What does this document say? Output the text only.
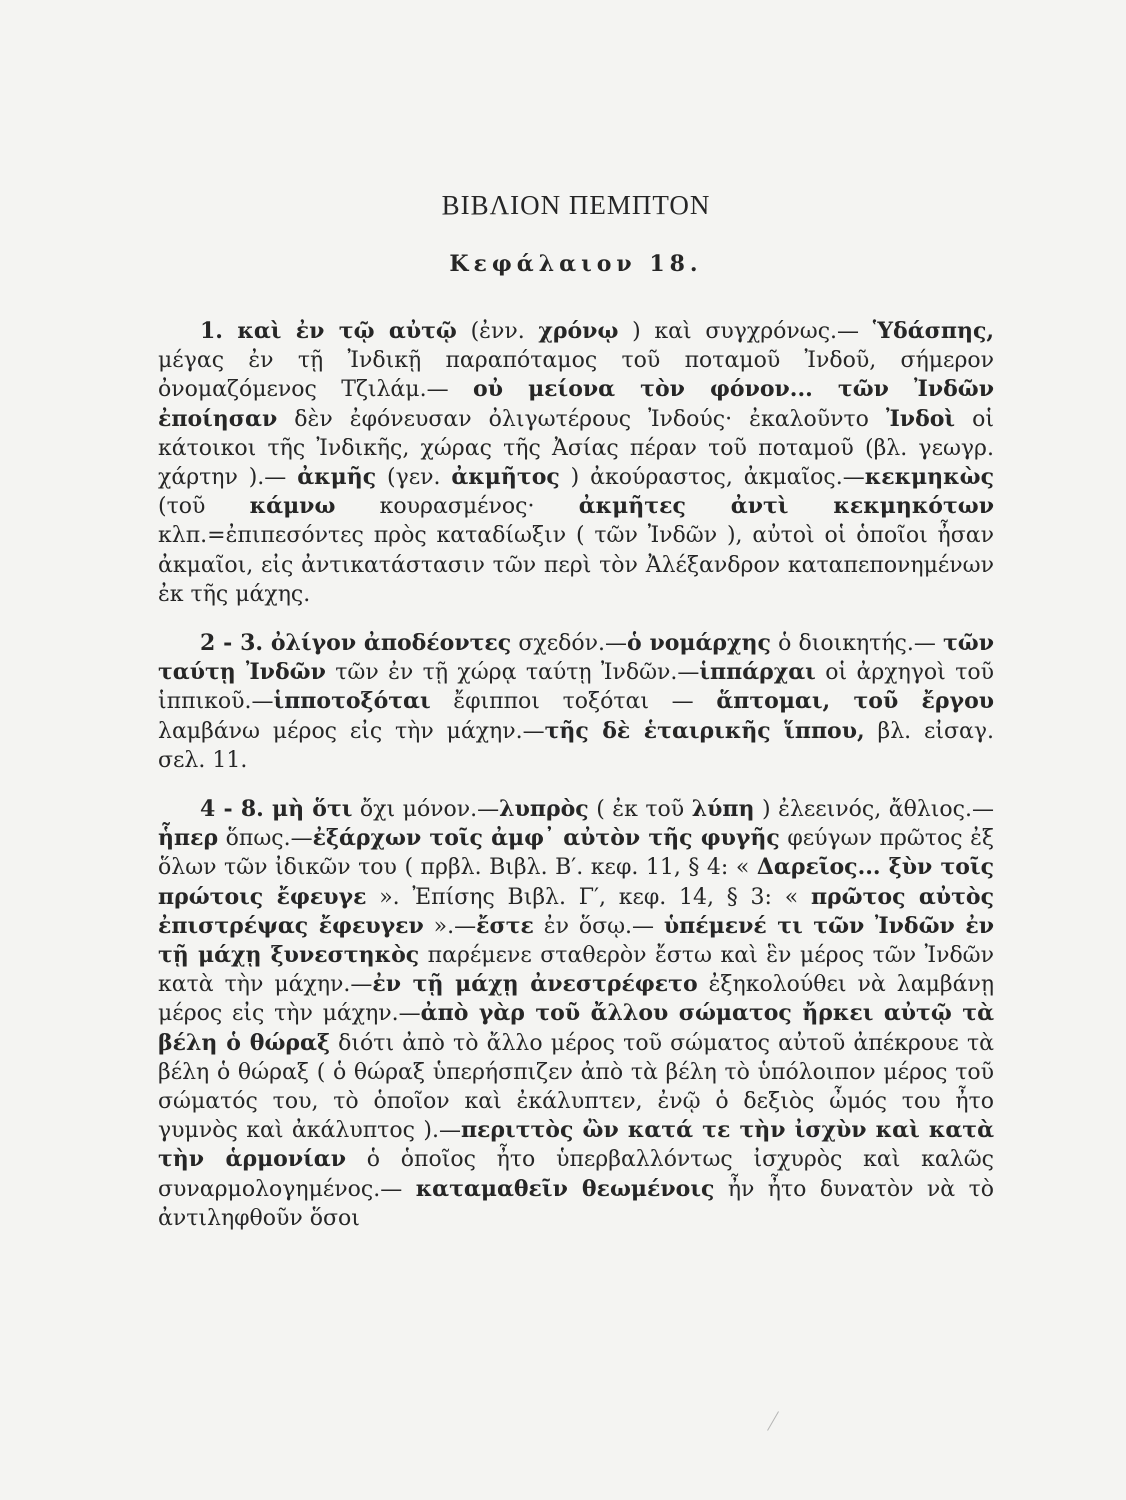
ΒΙΒΛΙΟΝ ΠΕΜΠΤΟΝ
Κεφάλαιον 18.

1. καὶ ἐν τῷ αὐτῷ (ἐνν. χρόνῳ ) καὶ συγχρόνως.— Ὑδάσπης, μέγας ἐν τῇ Ἰνδικῇ παραπόταμος τοῦ ποταμοῦ Ἰνδοῦ, σήμερον ὀνομαζόμενος Τζιλάμ.— οὐ μείονα τὸν φόνον... τῶν Ἰνδῶν ἐποίησαν δὲν ἐφόνευσαν ὀλιγωτέρους Ἰνδούς· ἐκαλοῦντο Ἰνδοὶ οἱ κάτοικοι τῆς Ἰνδικῆς, χώρας τῆς Ἀσίας πέραν τοῦ ποταμοῦ (βλ. γεωγρ. χάρτην ).— ἀκμῆς (γεν. ἀκμῆτος ) ἀκούραστος, ἀκμαῖος.—κεκμηκὼς (τοῦ κάμνω κουρασμένος· ἀκμῆτες ἀντὶ κεκμηκότων κλπ.=ἐπιπεσόντες πρὸς καταδίωξιν ( τῶν Ἰνδῶν ), αὐτοὶ οἱ ὁποῖοι ἦσαν ἀκμαῖοι, εἰς ἀντικατάστασιν τῶν περὶ τὸν Ἀλέξανδρον καταπεπονημένων ἐκ τῆς μάχης.

2 - 3. ὀλίγον ἀποδέοντες σχεδόν.—ὁ νομάρχης ὁ διοικητής.— τῶν ταύτῃ Ἰνδῶν τῶν ἐν τῇ χώρᾳ ταύτῃ Ἰνδῶν.—ἱππάρχαι οἱ ἀρχηγοὶ τοῦ ἱππικοῦ.—ἱπποτοξόται ἔφιπποι τοξόται — ἅπτομαι, τοῦ ἔργου λαμβάνω μέρος εἰς τὴν μάχην.—τῆς δὲ ἑταιρικῆς ἵππου, βλ. εἰσαγ. σελ. 11.

4 - 8. μὴ ὅτι ὄχι μόνον.—λυπρὸς ( ἐκ τοῦ λύπη ) ἐλεεινός, ἄθλιος.—ἧπερ ὅπως.—ἐξάρχων τοῖς ἀμφ᾽ αὐτὸν τῆς φυγῆς φεύγων πρῶτος ἐξ ὅλων τῶν ἰδικῶν του ( πρβλ. Βιβλ. Β′. κεφ. 11, § 4: « Δαρεῖος... ξὺν τοῖς πρώτοις ἔφευγε ». Ἐπίσης Βιβλ. Γ′, κεφ. 14, § 3: « πρῶτος αὐτὸς ἐπιστρέψας ἔφευγεν ».—ἔστε ἐν ὅσῳ.— ὑπέμενέ τι τῶν Ἰνδῶν ἐν τῇ μάχῃ ξυνεστηκὸς παρέμενε σταθερὸν ἔστω καὶ ἓν μέρος τῶν Ἰνδῶν κατὰ τὴν μάχην.—ἐν τῇ μάχῃ ἀνεστρέφετο ἐξηκολούθει νὰ λαμβάνῃ μέρος εἰς τὴν μάχην.—ἀπὸ γὰρ τοῦ ἄλλου σώματος ἤρκει αὐτῷ τὰ βέλη ὁ θώραξ διότι ἀπὸ τὸ ἄλλο μέρος τοῦ σώματος αὐτοῦ ἀπέκρουε τὰ βέλη ὁ θώραξ ( ὁ θώραξ ὑπερήσπιζεν ἀπὸ τὰ βέλη τὸ ὑπόλοιπον μέρος τοῦ σώματός του, τὸ ὁποῖον καὶ ἐκάλυπτεν, ἐνῷ ὁ δεξιὸς ὦμός του ἦτο γυμνὸς καὶ ἀκάλυπτος ).—περιττὸς ὢν κατά τε τὴν ἰσχὺν καὶ κατὰ τὴν ἁρμονίαν ὁ ὁποῖος ἦτο ὑπερβαλλόντως ἰσχυρὸς καὶ καλῶς συναρμολογημένος.— καταμαθεῖν θεωμένοις ἦν ἦτο δυνατὸν νὰ τὸ ἀντιληφθοῦν ὅσοι
